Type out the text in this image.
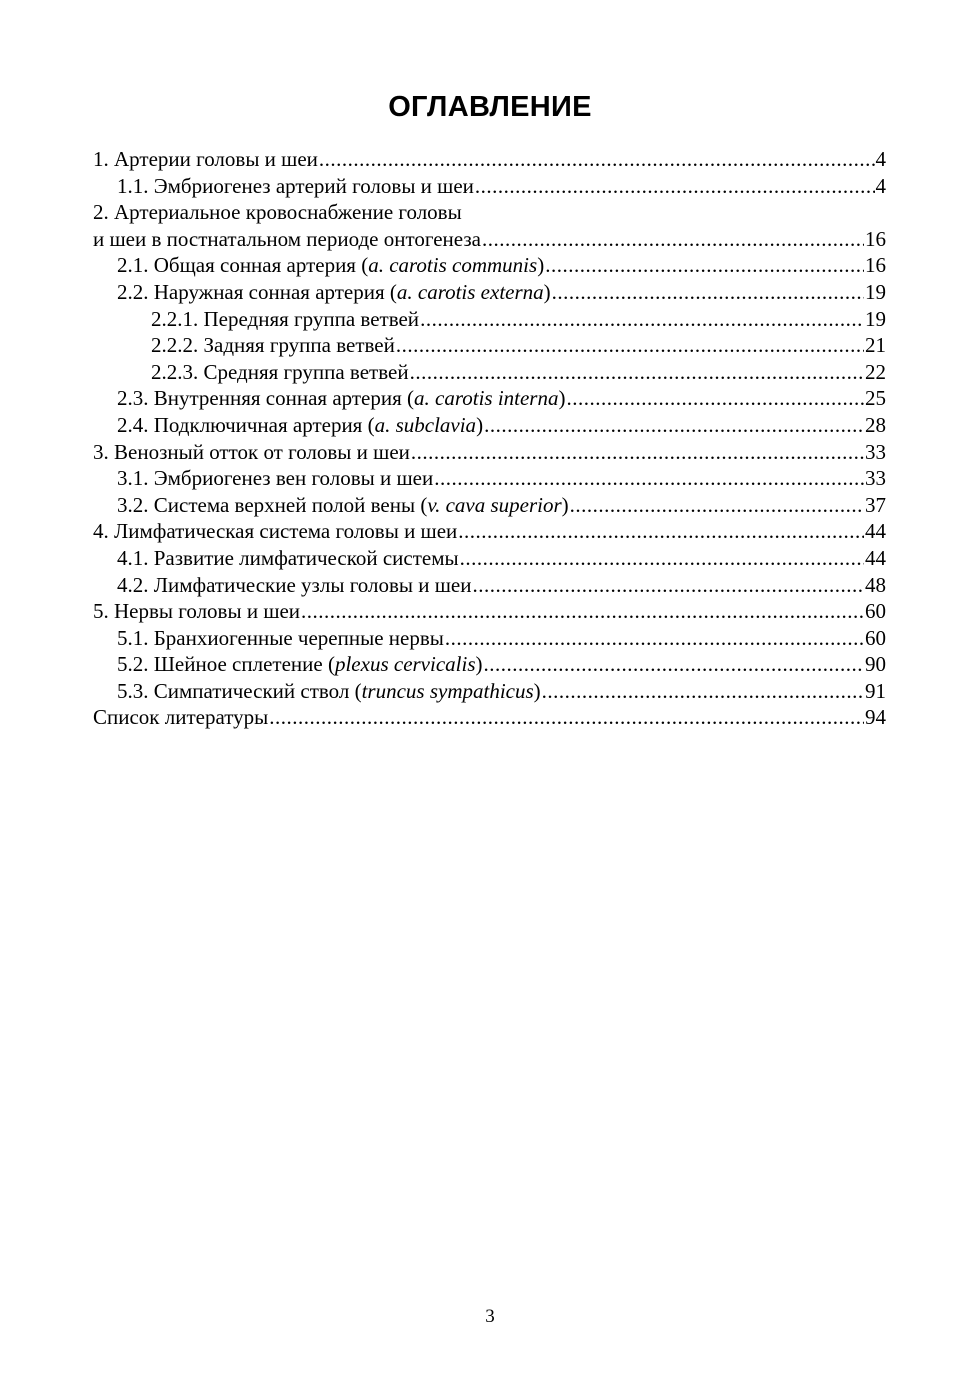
ОГЛАВЛЕНИЕ
1. Артерии головы и шеи .....	4
1.1. Эмбриогенез артерий головы и шеи .....	4
2. Артериальное кровоснабжение головы
и шеи в постнатальном периоде онтогенеза .....	16
2.1. Общая сонная артерия (a. carotis communis) .....	16
2.2. Наружная сонная артерия (a. carotis externa) .....	19
2.2.1. Передняя группа ветвей .....	19
2.2.2. Задняя группа ветвей .....	21
2.2.3. Средняя группа ветвей .....	22
2.3. Внутренняя сонная артерия (a. carotis interna) .....	25
2.4. Подключичная артерия (a. subclavia) .....	28
3. Венозный отток от головы и шеи .....	33
3.1. Эмбриогенез вен головы и шеи .....	33
3.2. Система верхней полой вены (v. cava superior) .....	37
4. Лимфатическая система головы и шеи .....	44
4.1. Развитие лимфатической системы .....	44
4.2. Лимфатические узлы головы и шеи .....	48
5. Нервы головы и шеи .....	60
5.1. Бранхиогенные черепные нервы .....	60
5.2. Шейное сплетение (plexus cervicalis) .....	90
5.3. Симпатический ствол (truncus sympathicus) .....	91
Список литературы .....	94
3
